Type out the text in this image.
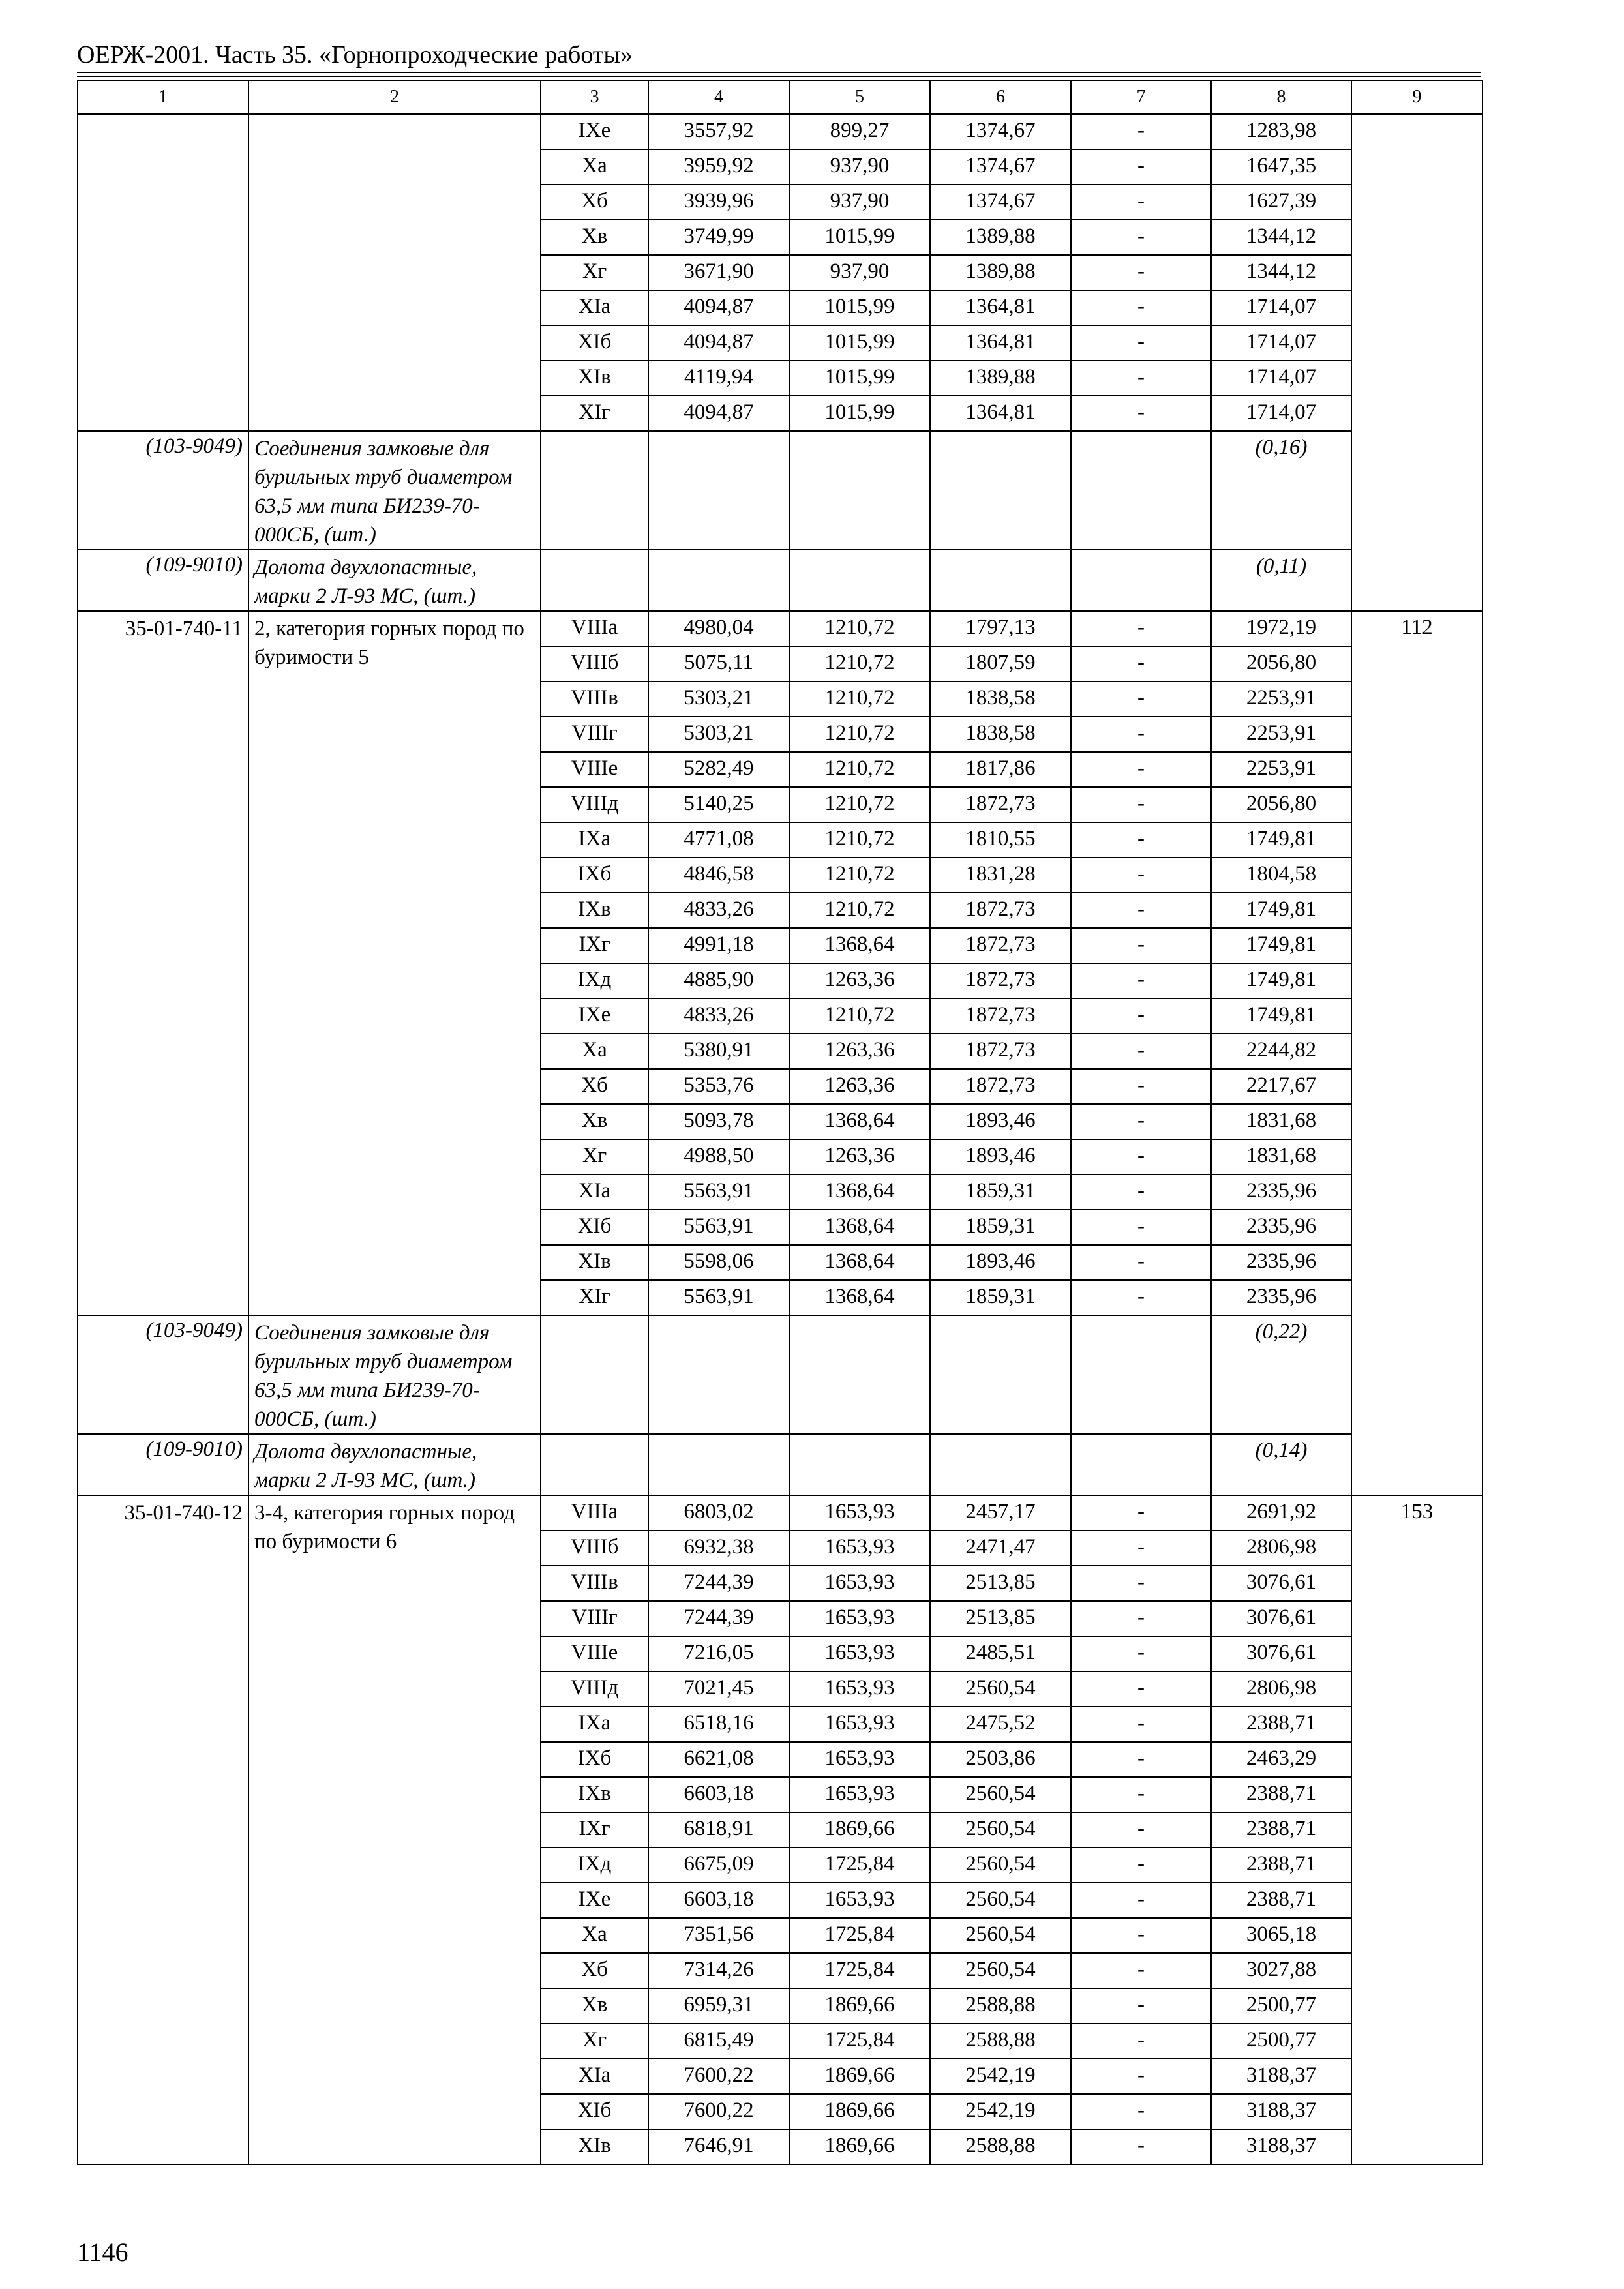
ОЕРЖ-2001. Часть 35. «Горнопроходческие работы»
1	2	3	4	5	6	7	8	9
		IXе	3557,92	899,27	1374,67	-	1283,98	
		Xа	3959,92	937,90	1374,67	-	1647,35	
		Xб	3939,96	937,90	1374,67	-	1627,39	
		Xв	3749,99	1015,99	1389,88	-	1344,12	
		Xг	3671,90	937,90	1389,88	-	1344,12	
		XIа	4094,87	1015,99	1364,81	-	1714,07	
		XIб	4094,87	1015,99	1364,81	-	1714,07	
		XIв	4119,94	1015,99	1389,88	-	1714,07	
		XIг	4094,87	1015,99	1364,81	-	1714,07	
(103-9049)	Соединения замковые для бурильных труб диаметром 63,5 мм типа БИ239-70-000СБ, (шт.)						(0,16)	
(109-9010)	Долота двухлопастные, марки 2 Л-93 МС, (шт.)						(0,11)	

35-01-740-11	2, категория горных пород по буримости 5	VIIIа	4980,04	1210,72	1797,13	-	1972,19	112
		VIIIб	5075,11	1210,72	1807,59	-	2056,80	
		VIIIв	5303,21	1210,72	1838,58	-	2253,91	
		VIIIг	5303,21	1210,72	1838,58	-	2253,91	
		VIIIе	5282,49	1210,72	1817,86	-	2253,91	
		VIIIд	5140,25	1210,72	1872,73	-	2056,80	
		IXа	4771,08	1210,72	1810,55	-	1749,81	
		IXб	4846,58	1210,72	1831,28	-	1804,58	
		IXв	4833,26	1210,72	1872,73	-	1749,81	
		IXг	4991,18	1368,64	1872,73	-	1749,81	
		IXд	4885,90	1263,36	1872,73	-	1749,81	
		IXе	4833,26	1210,72	1872,73	-	1749,81	
		Xа	5380,91	1263,36	1872,73	-	2244,82	
		Xб	5353,76	1263,36	1872,73	-	2217,67	
		Xв	5093,78	1368,64	1893,46	-	1831,68	
		Xг	4988,50	1263,36	1893,46	-	1831,68	
		XIа	5563,91	1368,64	1859,31	-	2335,96	
		XIб	5563,91	1368,64	1859,31	-	2335,96	
		XIв	5598,06	1368,64	1893,46	-	2335,96	
		XIг	5563,91	1368,64	1859,31	-	2335,96	
(103-9049)	Соединения замковые для бурильных труб диаметром 63,5 мм типа БИ239-70-000СБ, (шт.)						(0,22)	
(109-9010)	Долота двухлопастные, марки 2 Л-93 МС, (шт.)						(0,14)	

35-01-740-12	3-4, категория горных пород по буримости 6	VIIIа	6803,02	1653,93	2457,17	-	2691,92	153
		VIIIб	6932,38	1653,93	2471,47	-	2806,98	
		VIIIв	7244,39	1653,93	2513,85	-	3076,61	
		VIIIг	7244,39	1653,93	2513,85	-	3076,61	
		VIIIе	7216,05	1653,93	2485,51	-	3076,61	
		VIIIд	7021,45	1653,93	2560,54	-	2806,98	
		IXа	6518,16	1653,93	2475,52	-	2388,71	
		IXб	6621,08	1653,93	2503,86	-	2463,29	
		IXв	6603,18	1653,93	2560,54	-	2388,71	
		IXг	6818,91	1869,66	2560,54	-	2388,71	
		IXд	6675,09	1725,84	2560,54	-	2388,71	
		IXе	6603,18	1653,93	2560,54	-	2388,71	
		Xа	7351,56	1725,84	2560,54	-	3065,18	
		Xб	7314,26	1725,84	2560,54	-	3027,88	
		Xв	6959,31	1869,66	2588,88	-	2500,77	
		Xг	6815,49	1725,84	2588,88	-	2500,77	
		XIа	7600,22	1869,66	2542,19	-	3188,37	
		XIб	7600,22	1869,66	2542,19	-	3188,37	
		XIв	7646,91	1869,66	2588,88	-	3188,37	
1146
